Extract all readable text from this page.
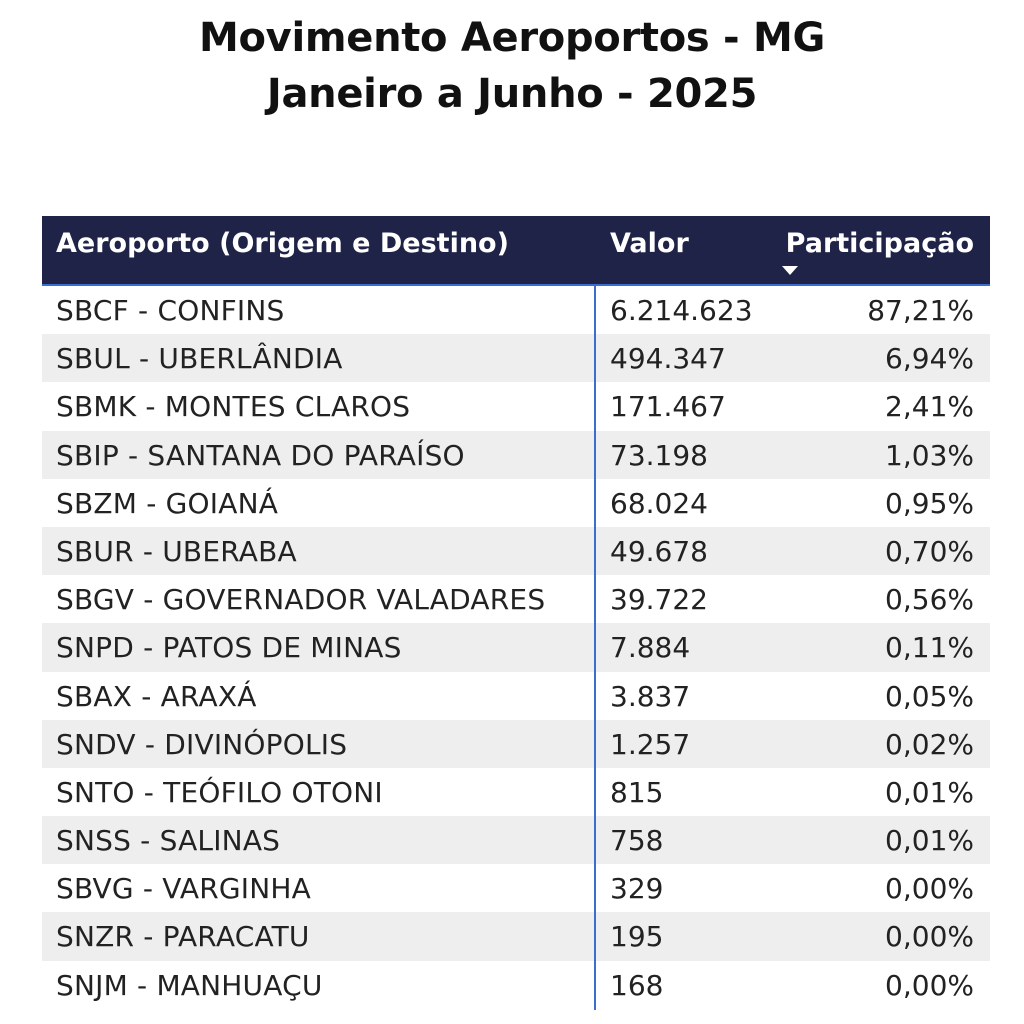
Movimento Aeroportos - MG
Janeiro a Junho - 2025
Aeroporto (Origem e Destino)	Valor	Participação
SBCF - CONFINS	6.214.623	87,21%
SBUL - UBERLÂNDIA	494.347	6,94%
SBMK - MONTES CLAROS	171.467	2,41%
SBIP - SANTANA DO PARAÍSO	73.198	1,03%
SBZM - GOIANÁ	68.024	0,95%
SBUR - UBERABA	49.678	0,70%
SBGV - GOVERNADOR VALADARES 39.722	0,56%
SNPD - PATOS DE MINAS	7.884	0,11%
SBAX - ARAXÁ	3.837	0,05%
SNDV - DIVINÓPOLIS	1.257	0,02%
SNTO - TEÓFILO OTONI	815	0,01%
SNSS - SALINAS	758	0,01%
SBVG - VARGINHA	329	0,00%
SNZR - PARACATU	195	0,00%
SNJM - MANHUAÇU	168	0,00%
